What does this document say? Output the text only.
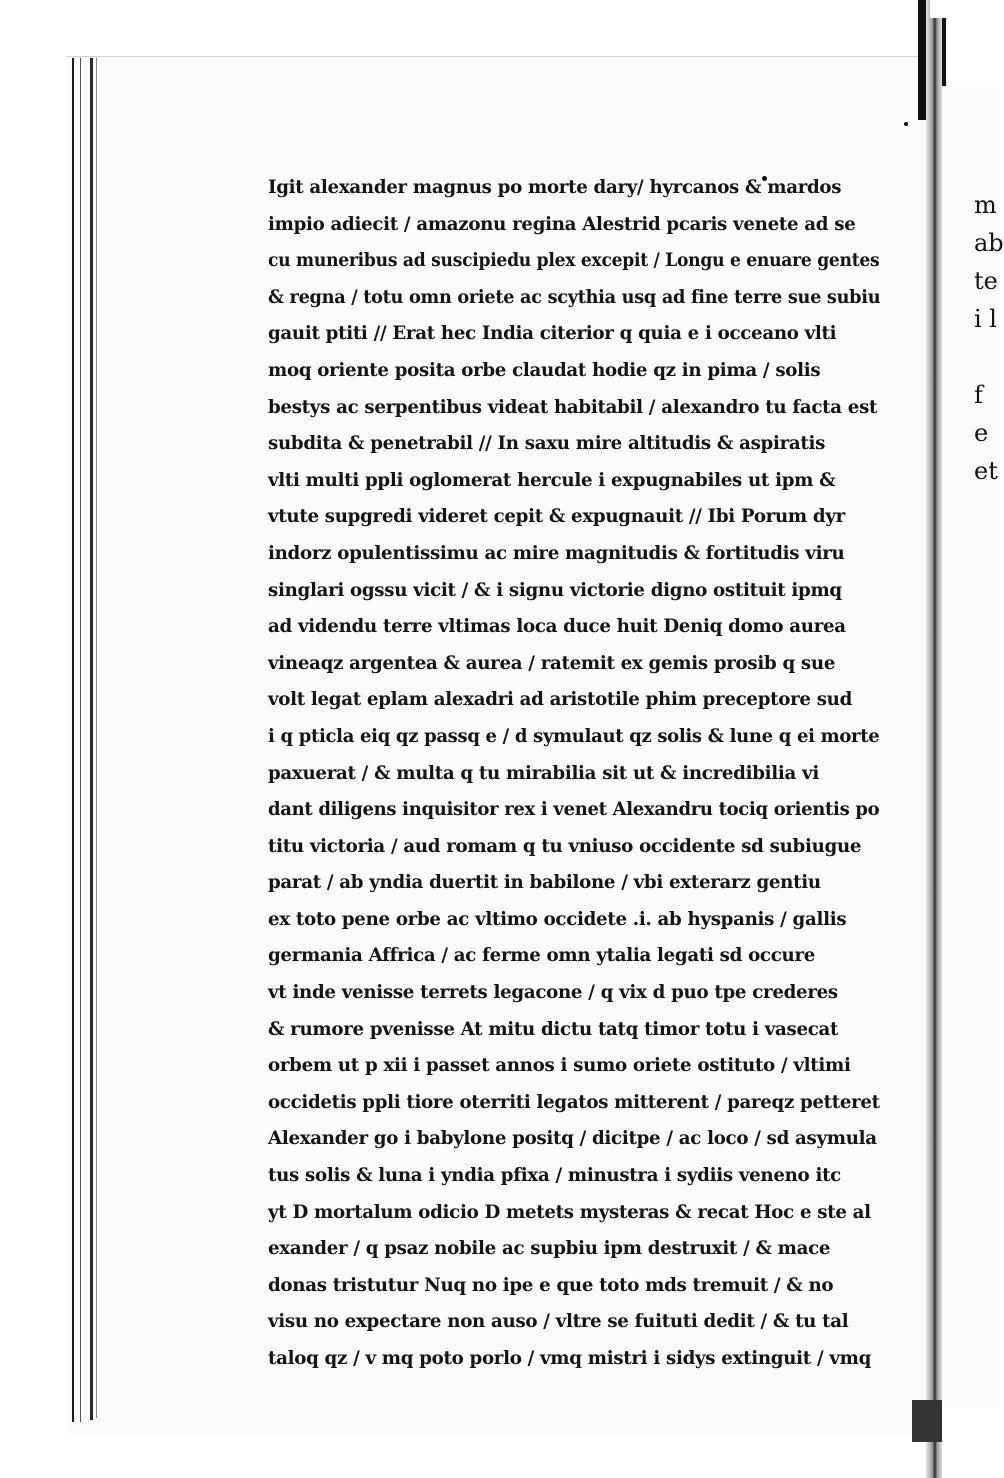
m
ab
te
i l
f
e
et
Igit alexander magnus po morte dary/ hyrcanos & mardos
impio adiecit / amazonu regina Alestrid pcaris venete ad se
cu muneribus ad suscipiedu plex excepit / Longu e enuare gentes
& regna / totu omn oriete ac scythia usq ad fine terre sue subiu
gauit ptiti // Erat hec India citerior q quia e i occeano vlti
moq oriente posita orbe claudat hodie qz in pima / solis
bestys ac serpentibus videat habitabil / alexandro tu facta est
subdita & penetrabil // In saxu mire altitudis & aspiratis
vlti multi ppli oglomerat hercule i expugnabiles ut ipm &
vtute supgredi videret cepit & expugnauit // Ibi Porum dyr
indorz opulentissimu ac mire magnitudis & fortitudis viru
singlari ogssu vicit / & i signu victorie digno ostituit ipmq
ad videndu terre vltimas loca duce huit Deniq domo aurea
vineaqz argentea & aurea / ratemit ex gemis prosib q sue
volt legat eplam alexadri ad aristotile phim preceptore sud
i q pticla eiq qz passq e / d symulaut qz solis & lune q ei morte
paxuerat / & multa q tu mirabilia sit ut & incredibilia vi
dant diligens inquisitor rex i venet Alexandru tociq orientis po
titu victoria / aud romam q tu vniuso occidente sd subiugue
parat / ab yndia duertit in babilone / vbi exterarz gentiu
ex toto pene orbe ac vltimo occidete .i. ab hyspanis / gallis
germania Affrica / ac ferme omn ytalia legati sd occure
vt inde venisse terrets legacone / q vix d puo tpe crederes
& rumore pvenisse At mitu dictu tatq timor totu i vasecat
orbem ut p xii i passet annos i sumo oriete ostituto / vltimi
occidetis ppli tiore oterriti legatos mitterent / pareqz petteret
Alexander go i babylone positq / dicitpe / ac loco / sd asymula
tus solis & luna i yndia pfixa / minustra i sydiis veneno itc
yt D mortalum odicio D metets mysteras & recat Hoc e ste al
exander / q psaz nobile ac supbiu ipm destruxit / & mace
donas tristutur Nuq no ipe e que toto mds tremuit / & no
visu no expectare non auso / vltre se fuituti dedit / & tu tal
taloq qz / v mq poto porlo / vmq mistri i sidys extinguit / vmq
